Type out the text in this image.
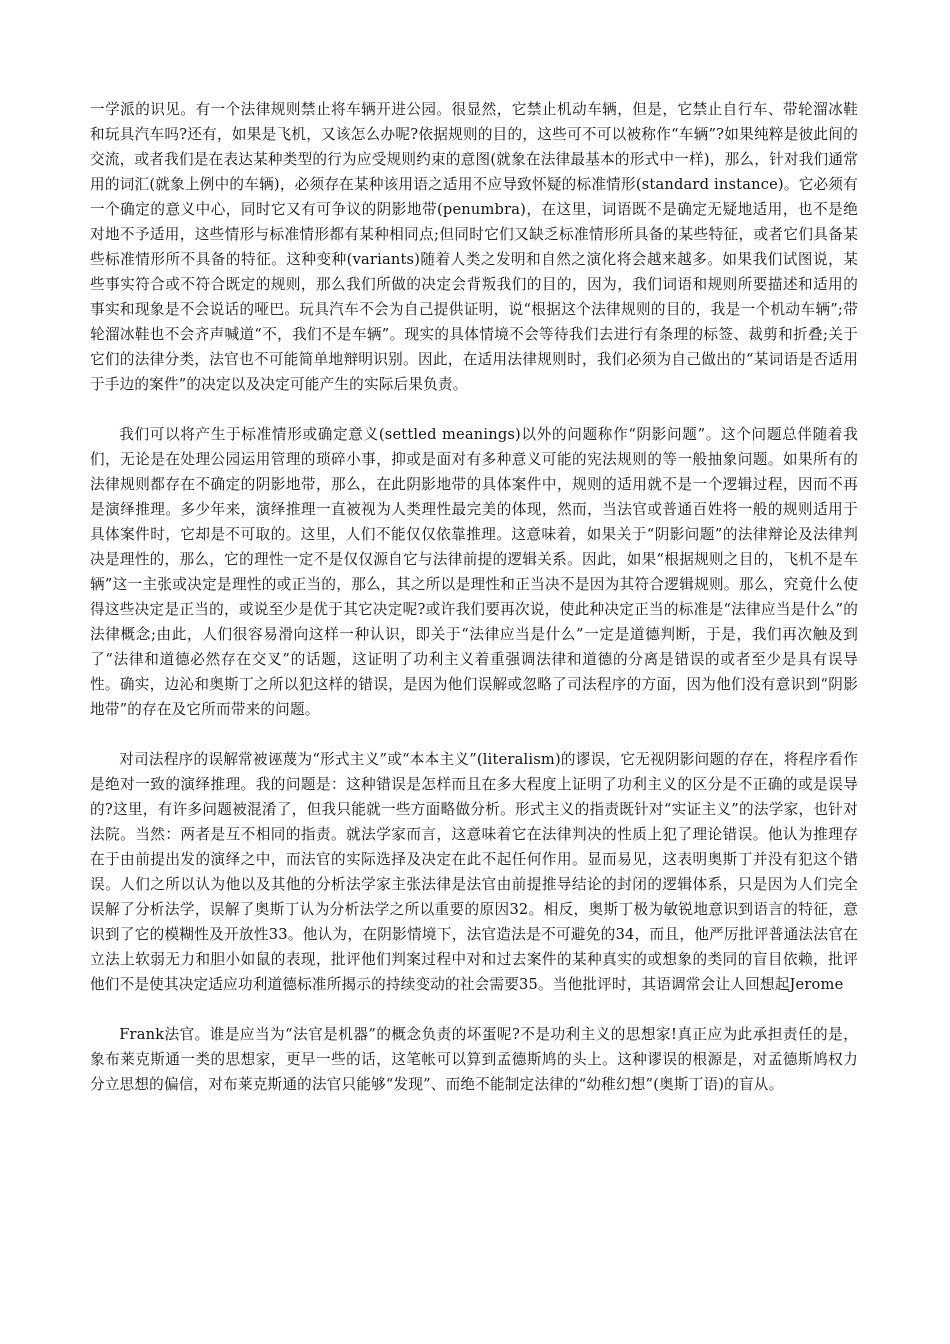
一学派的识见。有一个法律规则禁止将车辆开进公园。很显然，它禁止机动车辆，但是，它禁止自行车、带轮溜冰鞋和玩具汽车吗?还有，如果是飞机，又该怎么办呢?依据规则的目的，这些可不可以被称作“车辆”?如果纯粹是彼此间的交流，或者我们是在表达某种类型的行为应受规则约束的意图(就象在法律最基本的形式中一样)，那么，针对我们通常用的词汇(就象上例中的车辆)，必须存在某种该用语之适用不应导致怀疑的标准情形(standard instance)。它必须有一个确定的意义中心，同时它又有可争议的阴影地带(penumbra)，在这里，词语既不是确定无疑地适用，也不是绝对地不予适用，这些情形与标准情形都有某种相同点;但同时它们又缺乏标准情形所具备的某些特征，或者它们具备某些标准情形所不具备的特征。这种变种(variants)随着人类之发明和自然之演化将会越来越多。如果我们试图说，某些事实符合或不符合既定的规则，那么我们所做的决定会背叛我们的目的，因为，我们词语和规则所要描述和适用的事实和现象是不会说话的哑巴。玩具汽车不会为自己提供证明，说“根据这个法律规则的目的，我是一个机动车辆”;带轮溜冰鞋也不会齐声喊道“不，我们不是车辆”。现实的具体情境不会等待我们去进行有条理的标签、裁剪和折叠;关于它们的法律分类，法官也不可能简单地辩明识别。因此，在适用法律规则时，我们必须为自己做出的“某词语是否适用于手边的案件”的决定以及决定可能产生的实际后果负责。

我们可以将产生于标准情形或确定意义(settled meanings)以外的问题称作“阴影问题”。这个问题总伴随着我们，无论是在处理公园运用管理的琐碎小事，抑或是面对有多种意义可能的宪法规则的等一般抽象问题。如果所有的法律规则都存在不确定的阴影地带，那么，在此阴影地带的具体案件中，规则的适用就不是一个逻辑过程，因而不再是演绎推理。多少年来，演绎推理一直被视为人类理性最完美的体现，然而，当法官或普通百姓将一般的规则适用于具体案件时，它却是不可取的。这里，人们不能仅仅依靠推理。这意味着，如果关于“阴影问题”的法律辩论及法律判决是理性的，那么，它的理性一定不是仅仅源自它与法律前提的逻辑关系。因此，如果“根据规则之目的，飞机不是车辆”这一主张或决定是理性的或正当的，那么，其之所以是理性和正当决不是因为其符合逻辑规则。那么，究竟什么使得这些决定是正当的，或说至少是优于其它决定呢?或许我们要再次说，使此种决定正当的标准是“法律应当是什么”的法律概念;由此，人们很容易滑向这样一种认识，即关于“法律应当是什么”一定是道德判断，于是，我们再次触及到了“法律和道德必然存在交叉”的话题，这证明了功利主义着重强调法律和道德的分离是错误的或者至少是具有误导性。确实，边沁和奥斯丁之所以犯这样的错误，是因为他们误解或忽略了司法程序的方面，因为他们没有意识到“阴影地带”的存在及它所而带来的问题。

对司法程序的误解常被诬蔑为“形式主义”或“本本主义”(literalism)的谬误，它无视阴影问题的存在，将程序看作是绝对一致的演绎推理。我的问题是：这种错误是怎样而且在多大程度上证明了功利主义的区分是不正确的或是误导的?这里，有许多问题被混淆了，但我只能就一些方面略做分析。形式主义的指责既针对“实证主义”的法学家，也针对法院。当然：两者是互不相同的指责。就法学家而言，这意味着它在法律判决的性质上犯了理论错误。他认为推理存在于由前提出发的演绎之中，而法官的实际选择及决定在此不起任何作用。显而易见，这表明奥斯丁并没有犯这个错误。人们之所以认为他以及其他的分析法学家主张法律是法官由前提推导结论的封闭的逻辑体系，只是因为人们完全误解了分析法学，误解了奥斯丁认为分析法学之所以重要的原因32。相反，奥斯丁极为敏锐地意识到语言的特征，意识到了它的模糊性及开放性33。他认为，在阴影情境下，法官造法是不可避免的34，而且，他严厉批评普通法法官在立法上软弱无力和胆小如鼠的表现，批评他们判案过程中对和过去案件的某种真实的或想象的类同的盲目依赖，批评他们不是使其决定适应功利道德标准所揭示的持续变动的社会需要35。当他批评时，其语调常会让人回想起Jerome

Frank法官。谁是应当为“法官是机器”的概念负责的坏蛋呢?不是功利主义的思想家!真正应为此承担责任的是，象布莱克斯通一类的思想家，更早一些的话，这笔帐可以算到孟德斯鸠的头上。这种谬误的根源是，对孟德斯鸠权力分立思想的偏信，对布莱克斯通的法官只能够“发现”、而绝不能制定法律的“幼稚幻想”(奥斯丁语)的盲从。
